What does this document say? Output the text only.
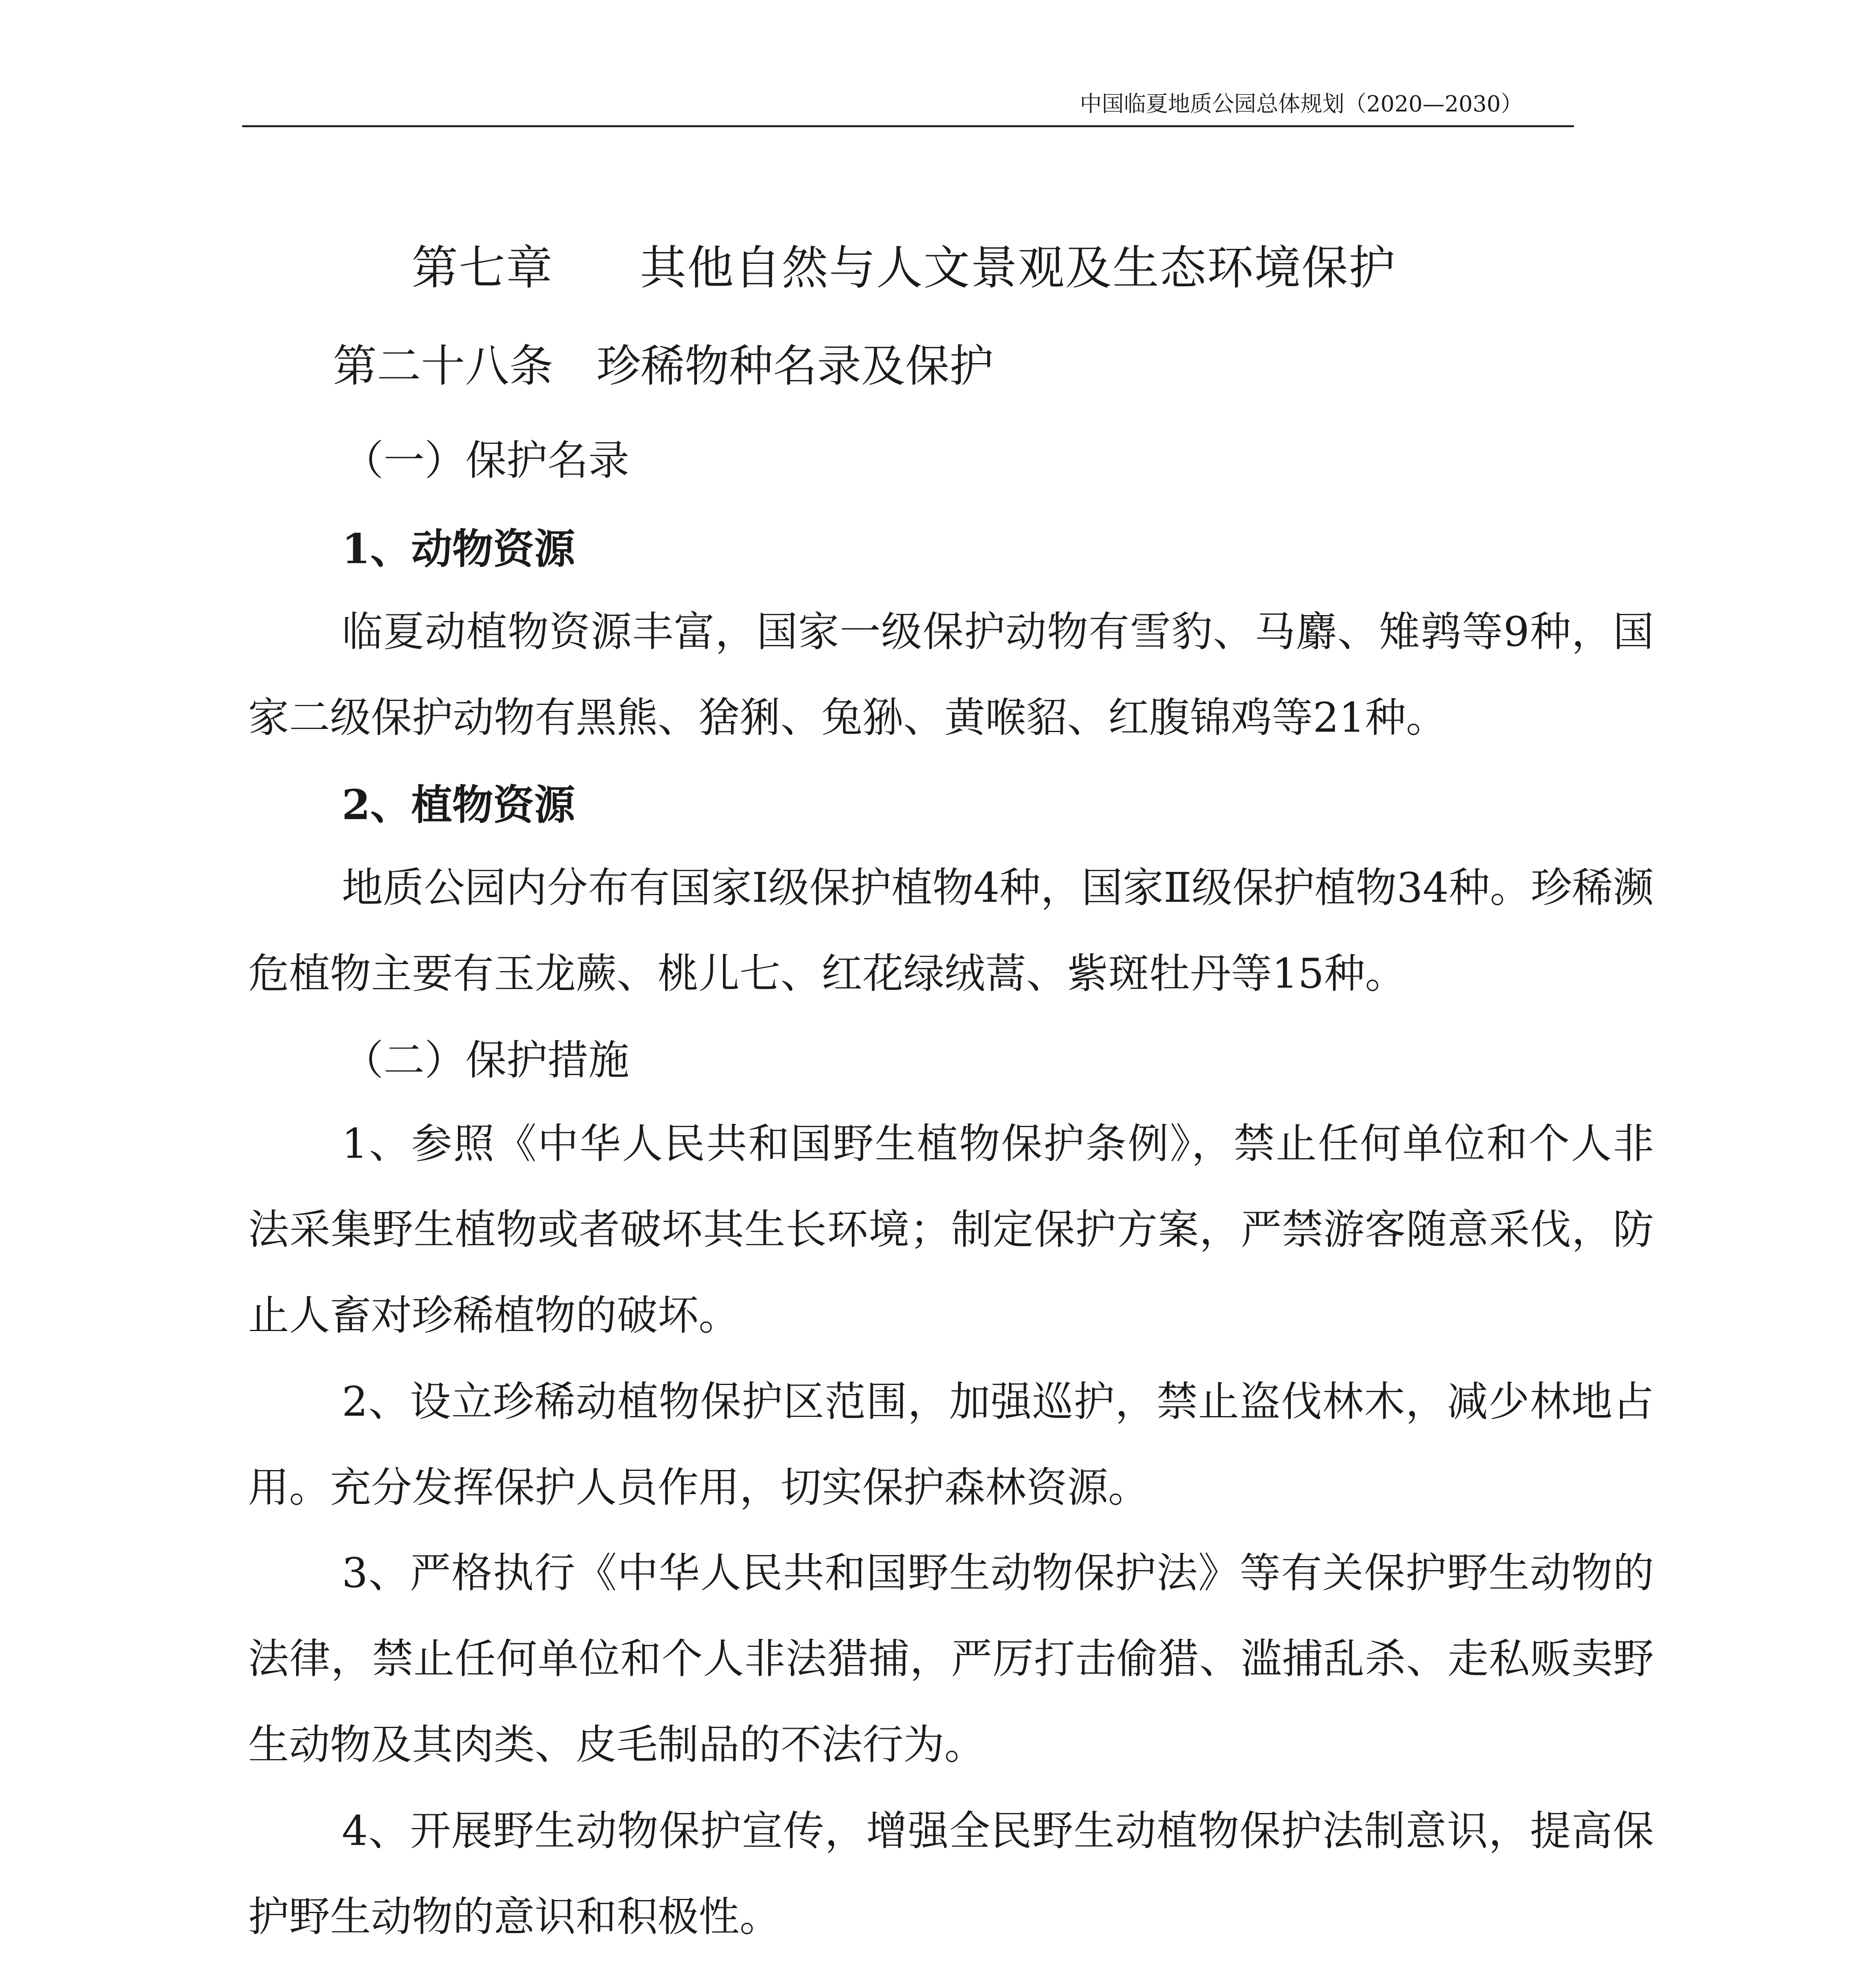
中国临夏地质公园总体规划（2020—2030）
第七章 其他自然与人文景观及生态环境保护
第二十八条 珍稀物种名录及保护
（一）保护名录
1、动物资源
临夏动植物资源丰富，国家一级保护动物有雪豹、马麝、雉鹑等9种，国家二级保护动物有黑熊、猞猁、兔狲、黄喉貂、红腹锦鸡等21种。
2、植物资源
地质公园内分布有国家Ⅰ级保护植物4种，国家Ⅱ级保护植物34种。珍稀濒危植物主要有玉龙蕨、桃儿七、红花绿绒蒿、紫斑牡丹等15种。
（二）保护措施
1、参照《中华人民共和国野生植物保护条例》，禁止任何单位和个人非法采集野生植物或者破坏其生长环境；制定保护方案，严禁游客随意采伐，防止人畜对珍稀植物的破坏。
2、设立珍稀动植物保护区范围，加强巡护，禁止盗伐林木，减少林地占用。充分发挥保护人员作用，切实保护森林资源。
3、严格执行《中华人民共和国野生动物保护法》等有关保护野生动物的法律，禁止任何单位和个人非法猎捕，严厉打击偷猎、滥捕乱杀、走私贩卖野生动物及其肉类、皮毛制品的不法行为。
4、开展野生动物保护宣传，增强全民野生动植物保护法制意识，提高保护野生动物的意识和积极性。
